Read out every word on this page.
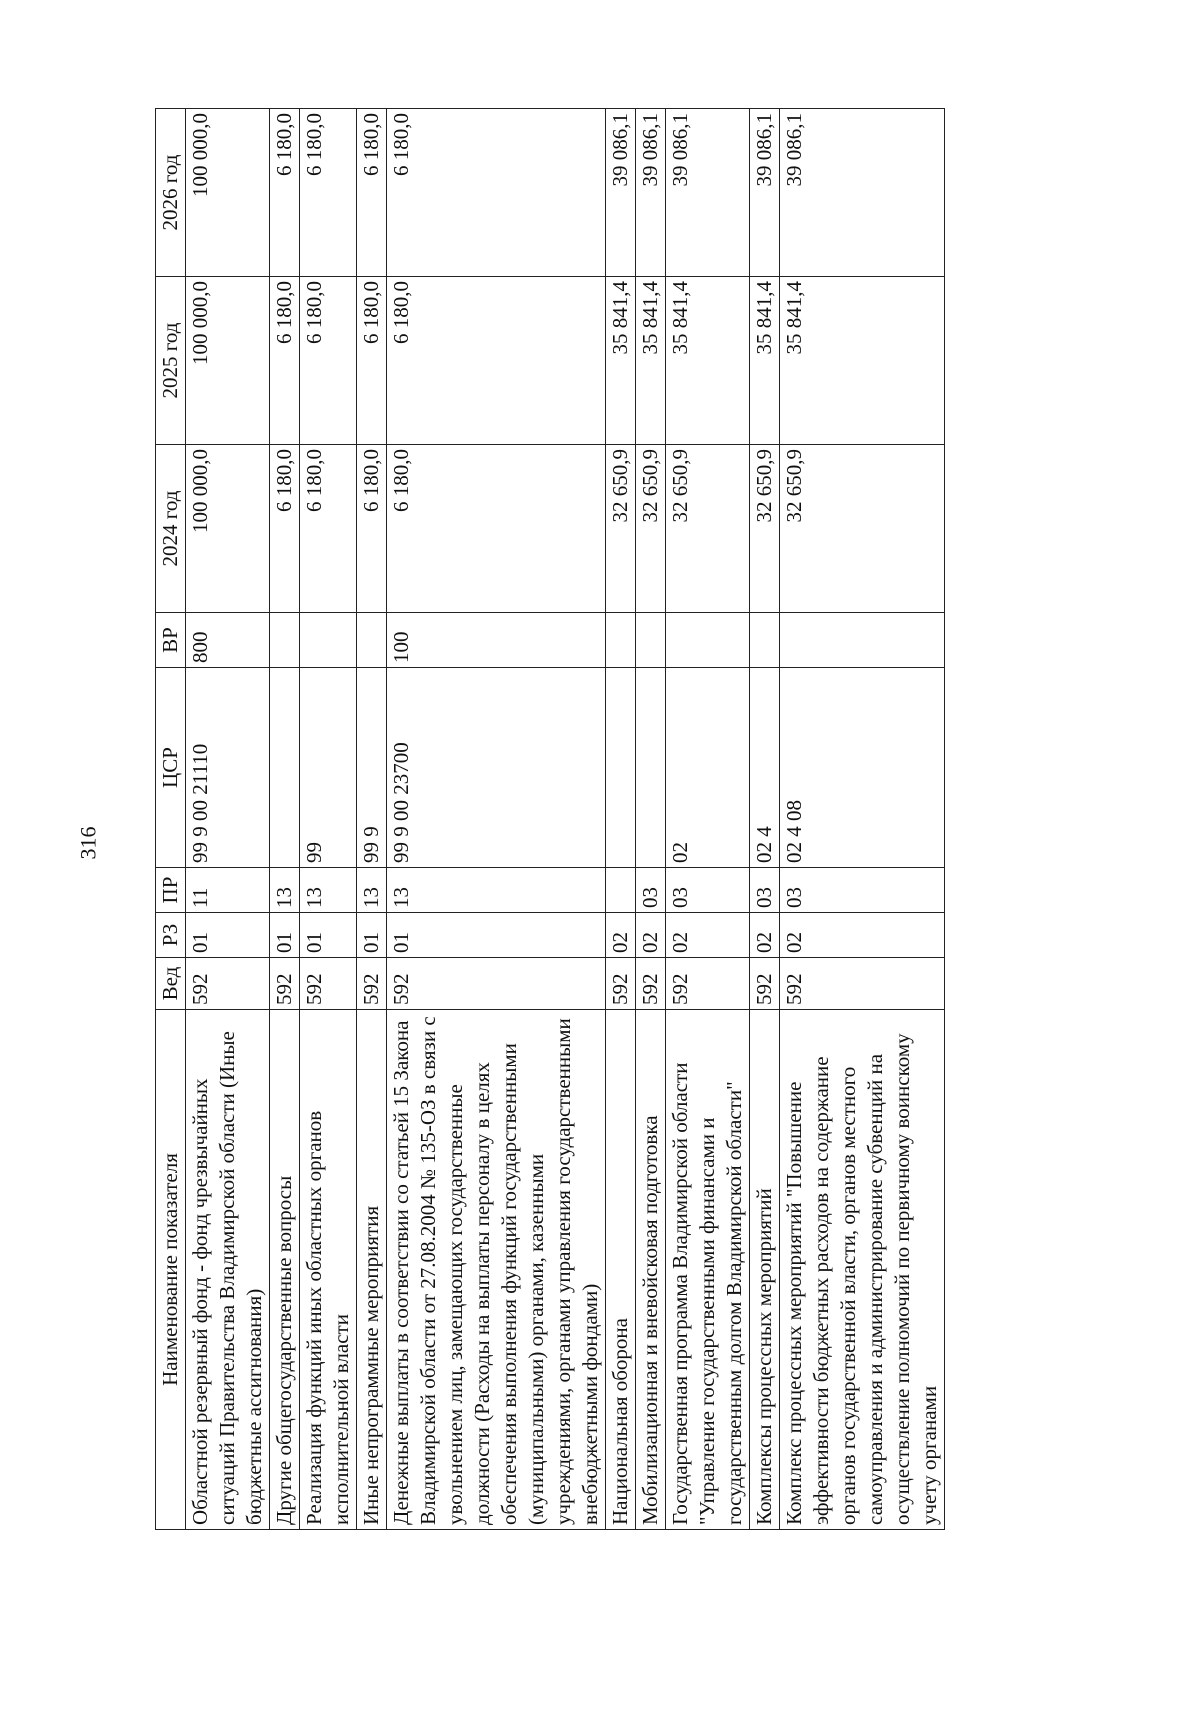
316
Наименование показателя	Вед	РЗ	ПР	ЦСР	ВР	2024 год	2025 год	2026 год
Областной резервный фонд - фонд чрезвычайных ситуаций Правительства Владимирской области (Иные бюджетные ассигнования)	592	01	11	99 9 00 21110	800	100 000,0	100 000,0	100 000,0
Другие общегосударственные вопросы	592	01	13			6 180,0	6 180,0	6 180,0
Реализация функций иных областных органов исполнительной власти	592	01	13	99		6 180,0	6 180,0	6 180,0
Иные непрограммные мероприятия	592	01	13	99 9		6 180,0	6 180,0	6 180,0
Денежные выплаты в соответствии со статьей 15 Закона Владимирской области от 27.08.2004 № 135-ОЗ в связи с увольнением лиц, замещающих государственные должности (Расходы на выплаты персоналу в целях обеспечения выполнения функций государственными (муниципальными) органами, казенными учреждениями, органами управления государственными внебюджетными фондами)	592	01	13	99 9 00 23700	100	6 180,0	6 180,0	6 180,0
Национальная оборона	592	02				32 650,9	35 841,4	39 086,1
Мобилизационная и вневойсковая подготовка	592	02	03			32 650,9	35 841,4	39 086,1
Государственная программа Владимирской области "Управление государственными финансами и государственным долгом Владимирской области"	592	02	03	02		32 650,9	35 841,4	39 086,1
Комплексы процессных мероприятий	592	02	03	02 4		32 650,9	35 841,4	39 086,1
Комплекс процессных мероприятий "Повышение эффективности бюджетных расходов на содержание органов государственной власти, органов местного самоуправления и администрирование субвенций на осуществление полномочий по первичному воинскому учету органами	592	02	03	02 4 08		32 650,9	35 841,4	39 086,1
